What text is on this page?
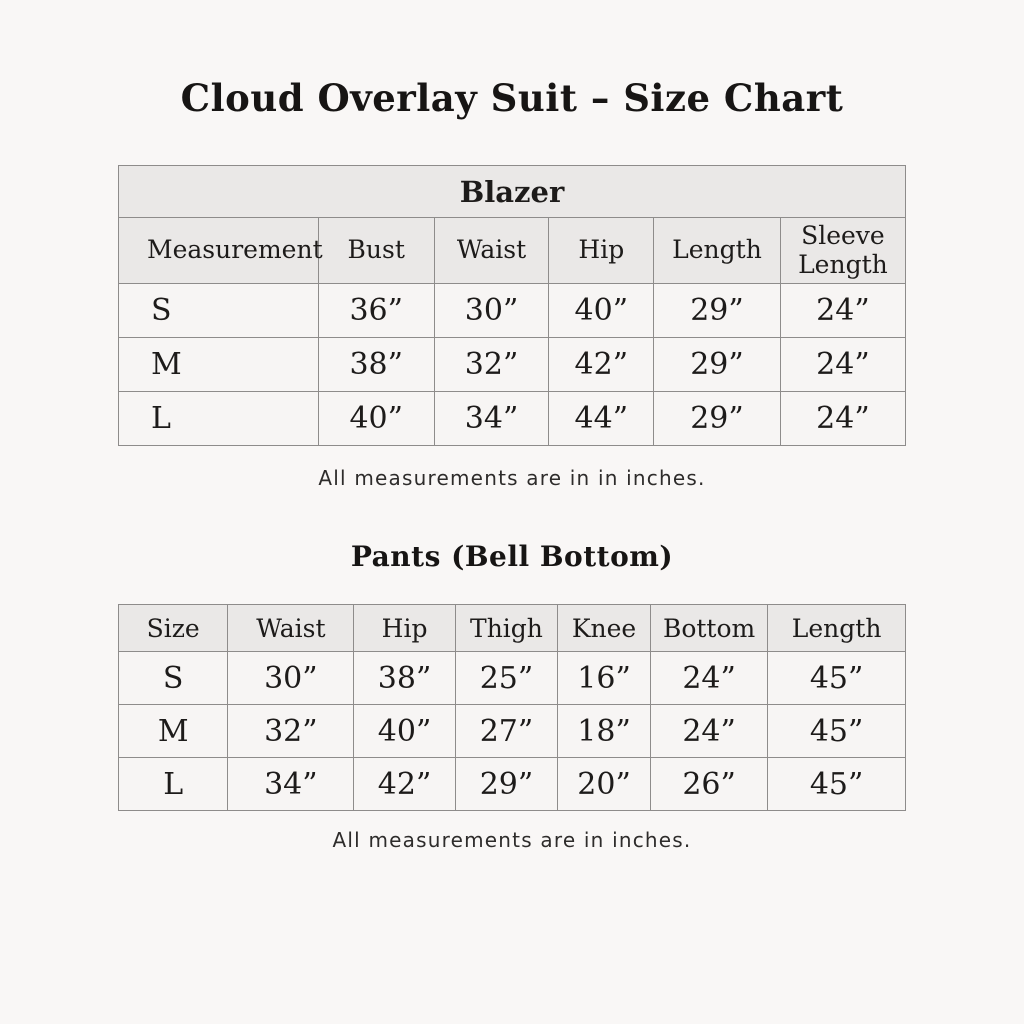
Cloud Overlay Suit – Size Chart
Blazer					
Measurement	Bust	Waist	Hip	Length	Sleeve Length
S	36”	30”	40”	29”	24”
M	38”	32”	42”	29”	24”
L	40”	34”	44”	29”	24”
All measurements are in in inches.
Pants (Bell Bottom)
Size	Waist	Hip	Thigh	Knee	Bottom	Length
S	30”	38”	25”	16”	24”	45”
M	32”	40”	27”	18”	24”	45”
L	34”	42”	29”	20”	26”	45”
All measurements are in inches.
